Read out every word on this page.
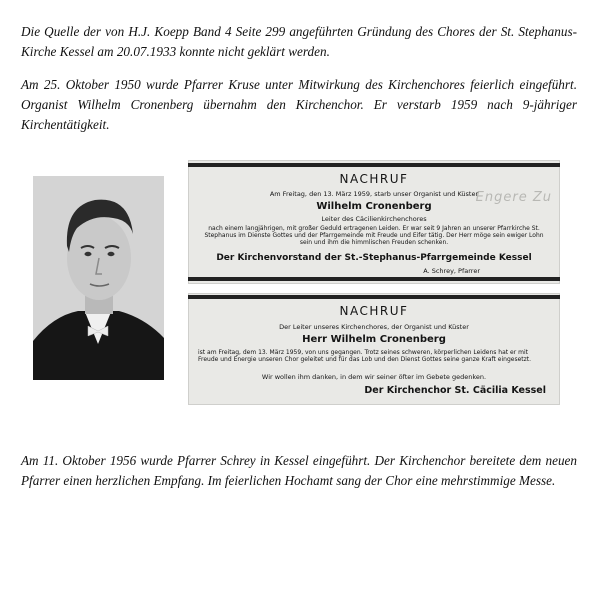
Die Quelle der von H.J. Koepp Band 4 Seite 299 angeführten Gründung des Chores der St. Stephanus-Kirche Kessel am 20.07.1933 konnte nicht geklärt werden.

Am 25. Oktober 1950 wurde Pfarrer Kruse unter Mitwirkung des Kirchenchores feierlich eingeführt. Organist Wilhelm Cronenberg übernahm den Kirchenchor. Er verstarb 1959 nach 9-jähriger Kirchentätigkeit.

Engere Zu
NACHRUF
Am Freitag, den 13. März 1959, starb unser Organist und Küster
Wilhelm Cronenberg
Leiter des Cäcilienkirchenchores
nach einem langjährigen, mit großer Geduld ertragenen Leiden. Er war seit 9 Jahren an unserer Pfarrkirche St. Stephanus im Dienste Gottes und der Pfarrgemeinde mit Freude und Eifer tätig. Der Herr möge sein ewiger Lohn sein und ihm die himmlischen Freuden schenken.
Der Kirchenvorstand der St.-Stephanus-Pfarrgemeinde Kessel
A. Schrey, Pfarrer
NACHRUF
Der Leiter unseres Kirchenchores, der Organist und Küster
Herr Wilhelm Cronenberg
ist am Freitag, dem 13. März 1959, von uns gegangen. Trotz seines schweren, körperlichen Leidens hat er mit Freude und Energie unseren Chor geleitet und für das Lob und den Dienst Gottes seine ganze Kraft eingesetzt.
Wir wollen ihm danken, in dem wir seiner öfter im Gebete gedenken.
Der Kirchenchor St. Cäcilia Kessel

Am 11. Oktober 1956 wurde Pfarrer Schrey in Kessel eingeführt. Der Kirchenchor bereitete dem neuen Pfarrer einen herzlichen Empfang. Im feierlichen Hochamt sang der Chor eine mehrstimmige Messe.
